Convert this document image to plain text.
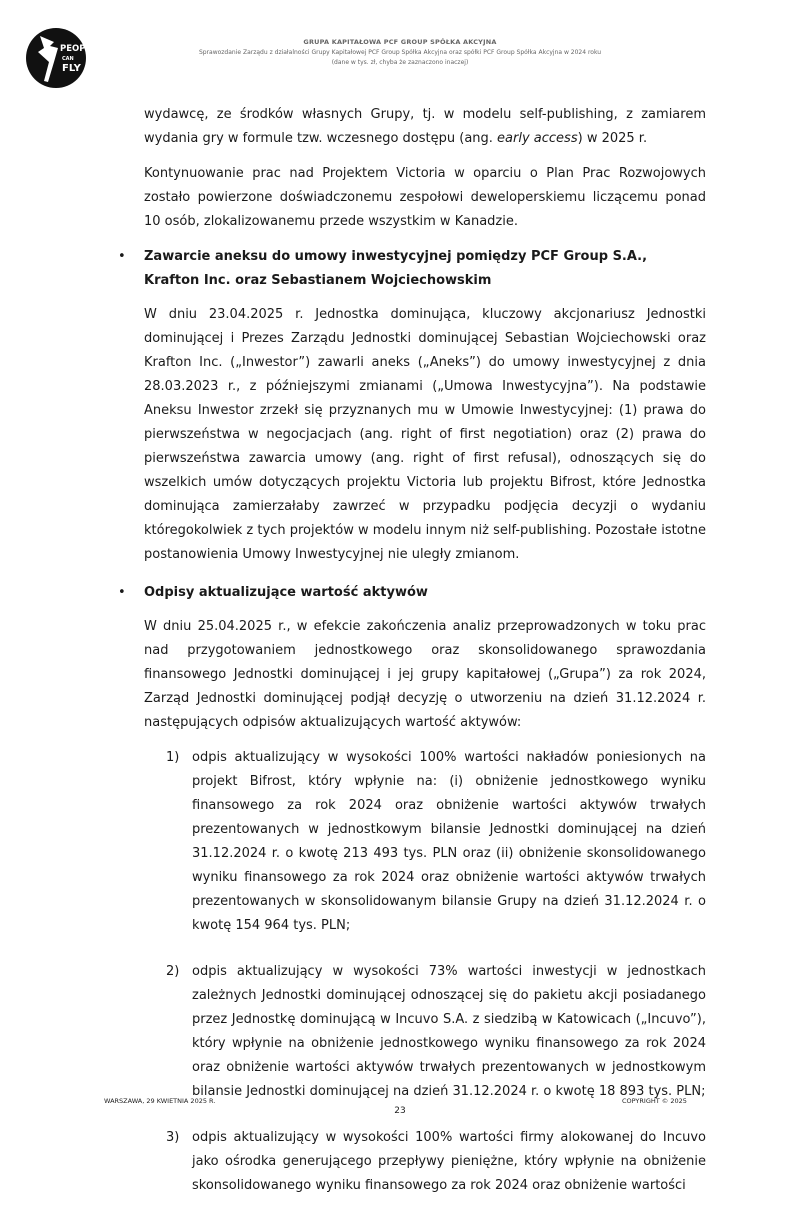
PEOPLE
CAN
FLY
GRUPA KAPITAŁOWA PCF GROUP SPÓŁKA AKCYJNA
Sprawozdanie Zarządu z działalności Grupy Kapitałowej PCF Group Spółka Akcyjna oraz spółki PCF Group Spółka Akcyjna w 2024 roku
(dane w tys. zł, chyba że zaznaczono inaczej)

wydawcę, ze środków własnych Grupy, tj. w modelu self-publishing, z zamiarem wydania gry w formule tzw. wczesnego dostępu (ang. early access) w 2025 r.

Kontynuowanie prac nad Projektem Victoria w oparciu o Plan Prac Rozwojowych zostało powierzone doświadczonemu zespołowi deweloperskiemu liczącemu ponad 10 osób, zlokalizowanemu przede wszystkim w Kanadzie.

• Zawarcie aneksu do umowy inwestycyjnej pomiędzy PCF Group S.A., Krafton Inc. oraz Sebastianem Wojciechowskim

W dniu 23.04.2025 r. Jednostka dominująca, kluczowy akcjonariusz Jednostki dominującej i Prezes Zarządu Jednostki dominującej Sebastian Wojciechowski oraz Krafton Inc. („Inwestor”) zawarli aneks („Aneks”) do umowy inwestycyjnej z dnia 28.03.2023 r., z późniejszymi zmianami („Umowa Inwestycyjna”). Na podstawie Aneksu Inwestor zrzekł się przyznanych mu w Umowie Inwestycyjnej: (1) prawa do pierwszeństwa w negocjacjach (ang. right of first negotiation) oraz (2) prawa do pierwszeństwa zawarcia umowy (ang. right of first refusal), odnoszących się do wszelkich umów dotyczących projektu Victoria lub projektu Bifrost, które Jednostka dominująca zamierzałaby zawrzeć w przypadku podjęcia decyzji o wydaniu któregokolwiek z tych projektów w modelu innym niż self-publishing. Pozostałe istotne postanowienia Umowy Inwestycyjnej nie uległy zmianom.

• Odpisy aktualizujące wartość aktywów

W dniu 25.04.2025 r., w efekcie zakończenia analiz przeprowadzonych w toku prac nad przygotowaniem jednostkowego oraz skonsolidowanego sprawozdania finansowego Jednostki dominującej i jej grupy kapitałowej („Grupa”) za rok 2024, Zarząd Jednostki dominującej podjął decyzję o utworzeniu na dzień 31.12.2024 r. następujących odpisów aktualizujących wartość aktywów:

1) odpis aktualizujący w wysokości 100% wartości nakładów poniesionych na projekt Bifrost, który wpłynie na: (i) obniżenie jednostkowego wyniku finansowego za rok 2024 oraz obniżenie wartości aktywów trwałych prezentowanych w jednostkowym bilansie Jednostki dominującej na dzień 31.12.2024 r. o kwotę 213 493 tys. PLN oraz (ii) obniżenie skonsolidowanego wyniku finansowego za rok 2024 oraz obniżenie wartości aktywów trwałych prezentowanych w skonsolidowanym bilansie Grupy na dzień 31.12.2024 r. o kwotę 154 964 tys. PLN;
2) odpis aktualizujący w wysokości 73% wartości inwestycji w jednostkach zależnych Jednostki dominującej odnoszącej się do pakietu akcji posiadanego przez Jednostkę dominującą w Incuvo S.A. z siedzibą w Katowicach („Incuvo”), który wpłynie na obniżenie jednostkowego wyniku finansowego za rok 2024 oraz obniżenie wartości aktywów trwałych prezentowanych w jednostkowym bilansie Jednostki dominującej na dzień 31.12.2024 r. o kwotę 18 893 tys. PLN;
3) odpis aktualizujący w wysokości 100% wartości firmy alokowanej do Incuvo jako ośrodka generującego przepływy pieniężne, który wpłynie na obniżenie skonsolidowanego wyniku finansowego za rok 2024 oraz obniżenie wartości
WARSZAWA, 29 KWIETNIA 2025 R.
23
COPYRIGHT © 2025
